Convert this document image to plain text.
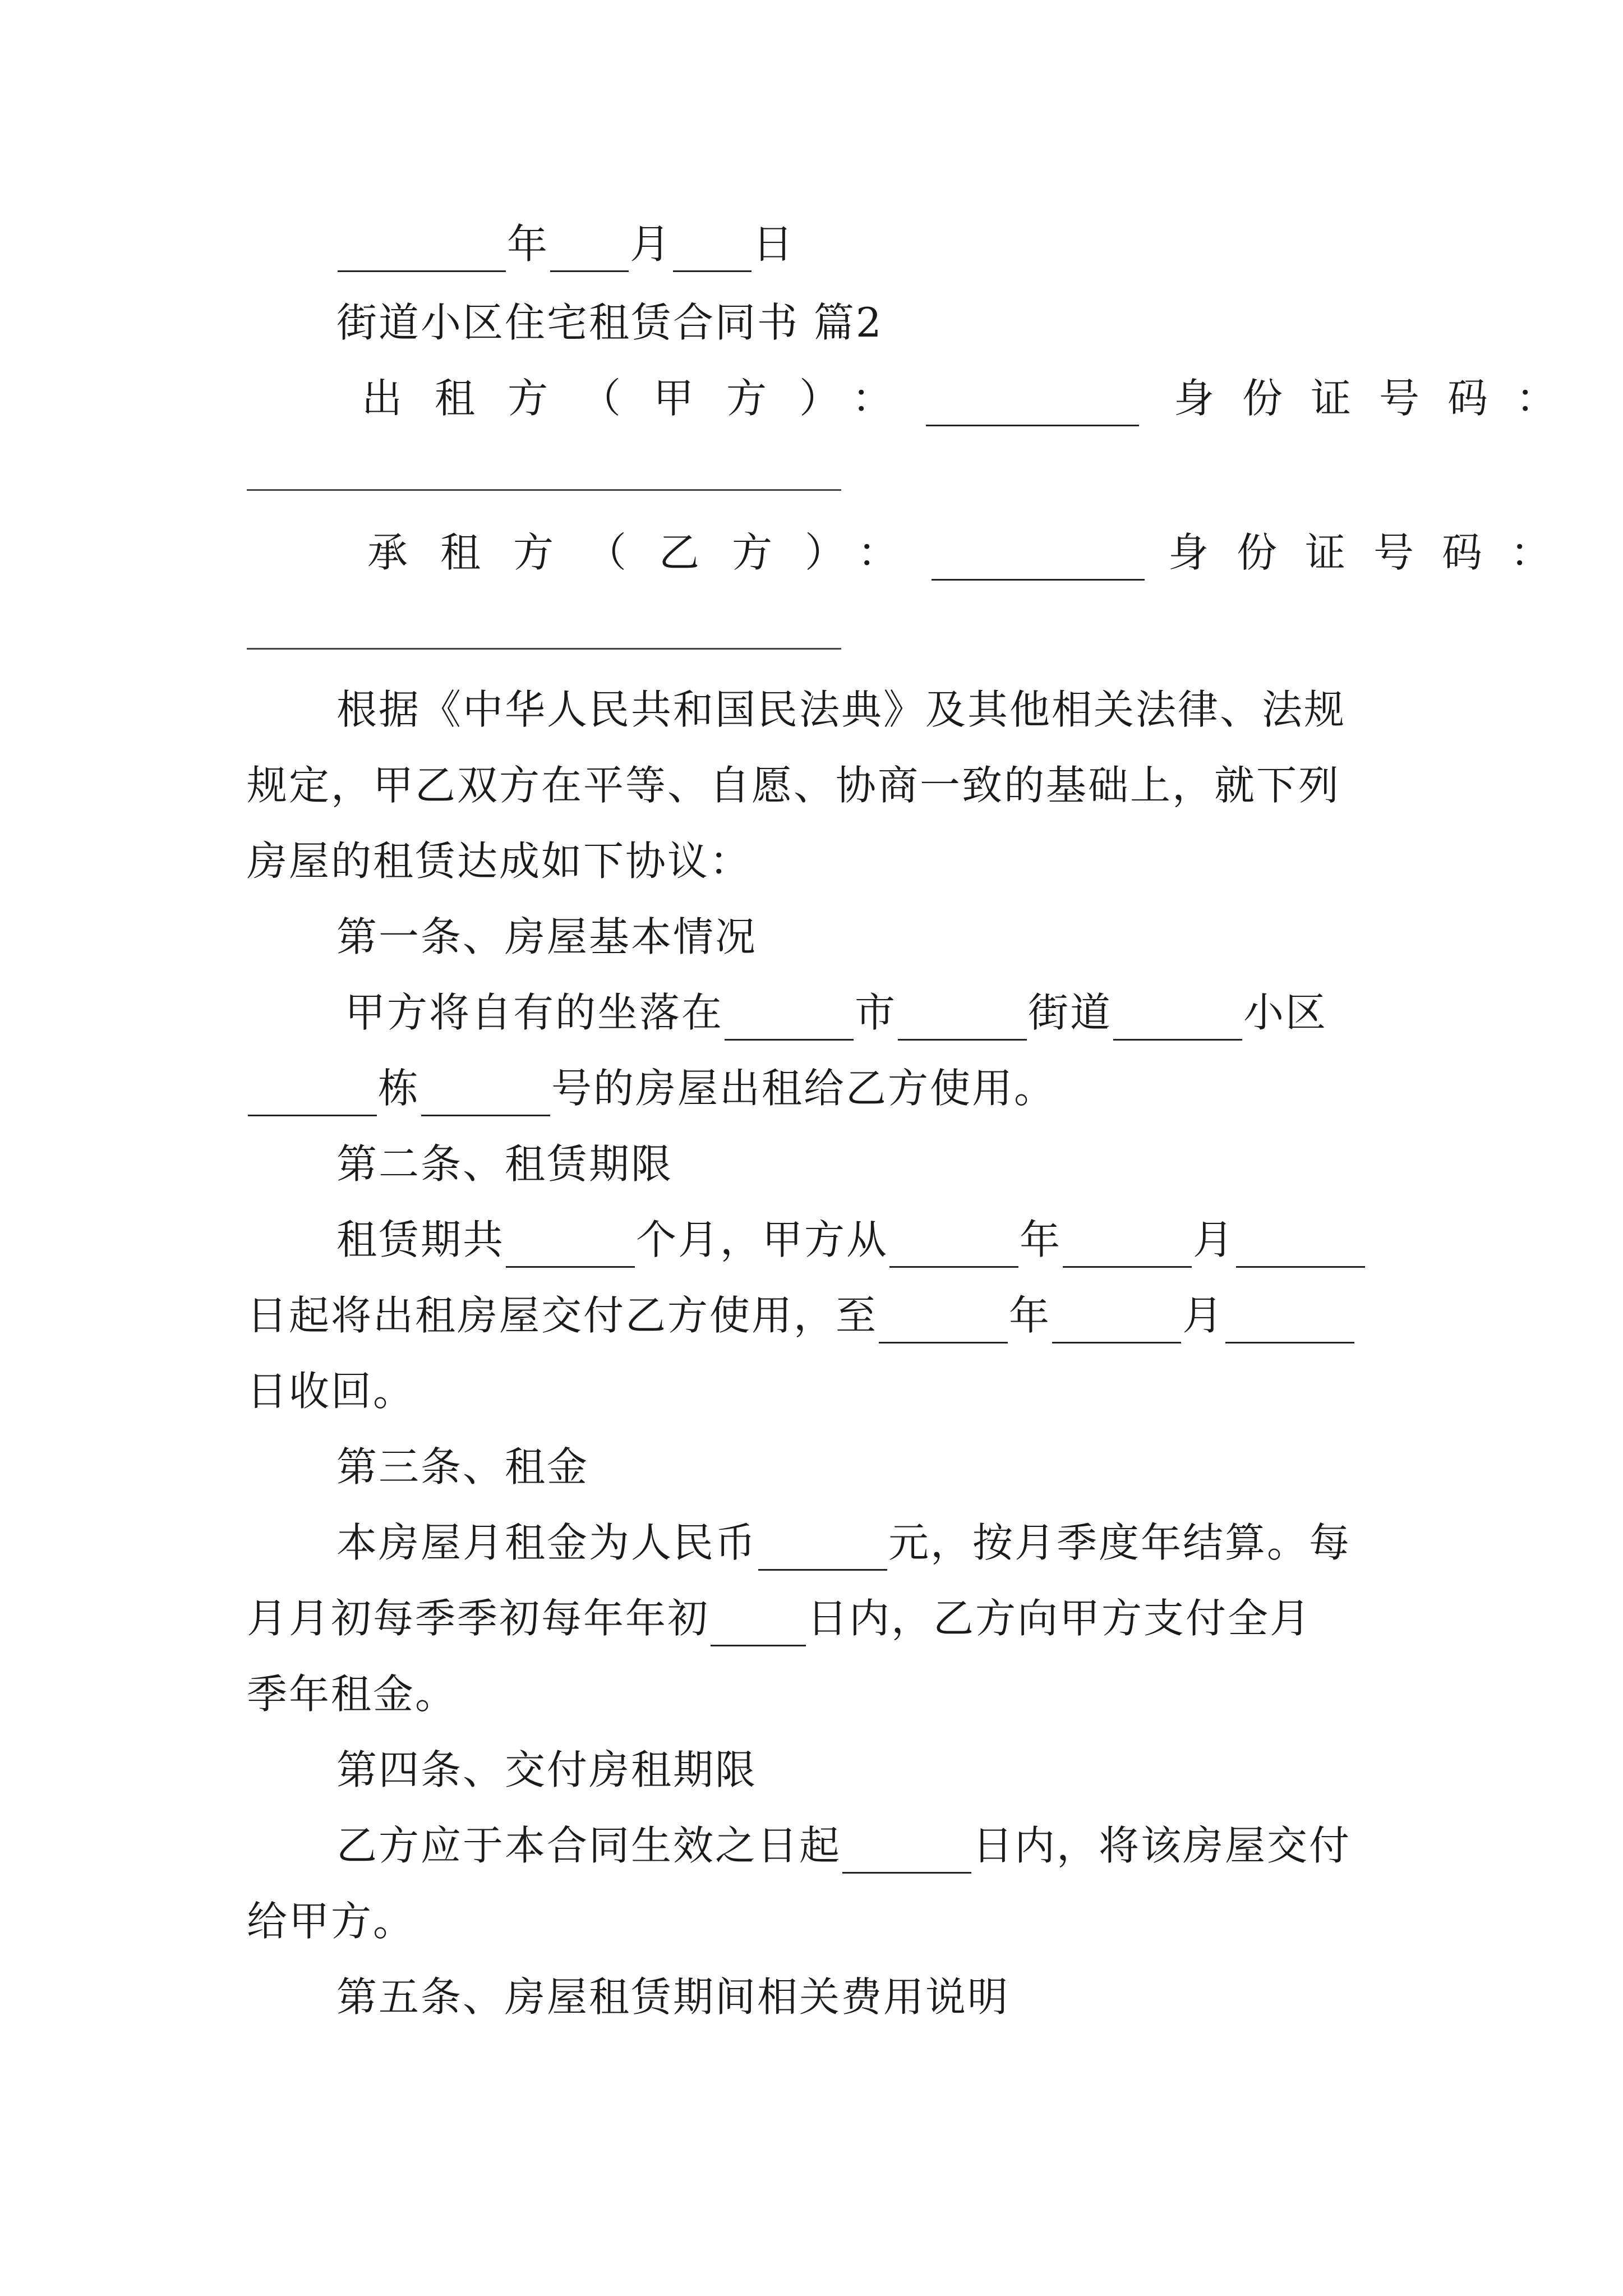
年 月 日
街道小区住宅租赁合同书 篇2
出租方（甲方）：	身份证号码：
承租方（乙方）：	身份证号码：
根据《中华人民共和国民法典》及其他相关法律、法规
规定，甲乙双方在平等、自愿、协商一致的基础上，就下列
房屋的租赁达成如下协议：
第一条、房屋基本情况
甲方将自有的坐落在	市	街道	小区
栋	号的房屋出租给乙方使用。
第二条、租赁期限
租赁期共	个月，甲方从	年	月
日起将出租房屋交付乙方使用，至	年	月
日收回。
第三条、租金
本房屋月租金为人民币	元，按月季度年结算。每
月月初每季季初每年年初 日内，乙方向甲方支付全月
季年租金。
第四条、交付房租期限
乙方应于本合同生效之日起	日内，将该房屋交付
给甲方。
第五条、房屋租赁期间相关费用说明
